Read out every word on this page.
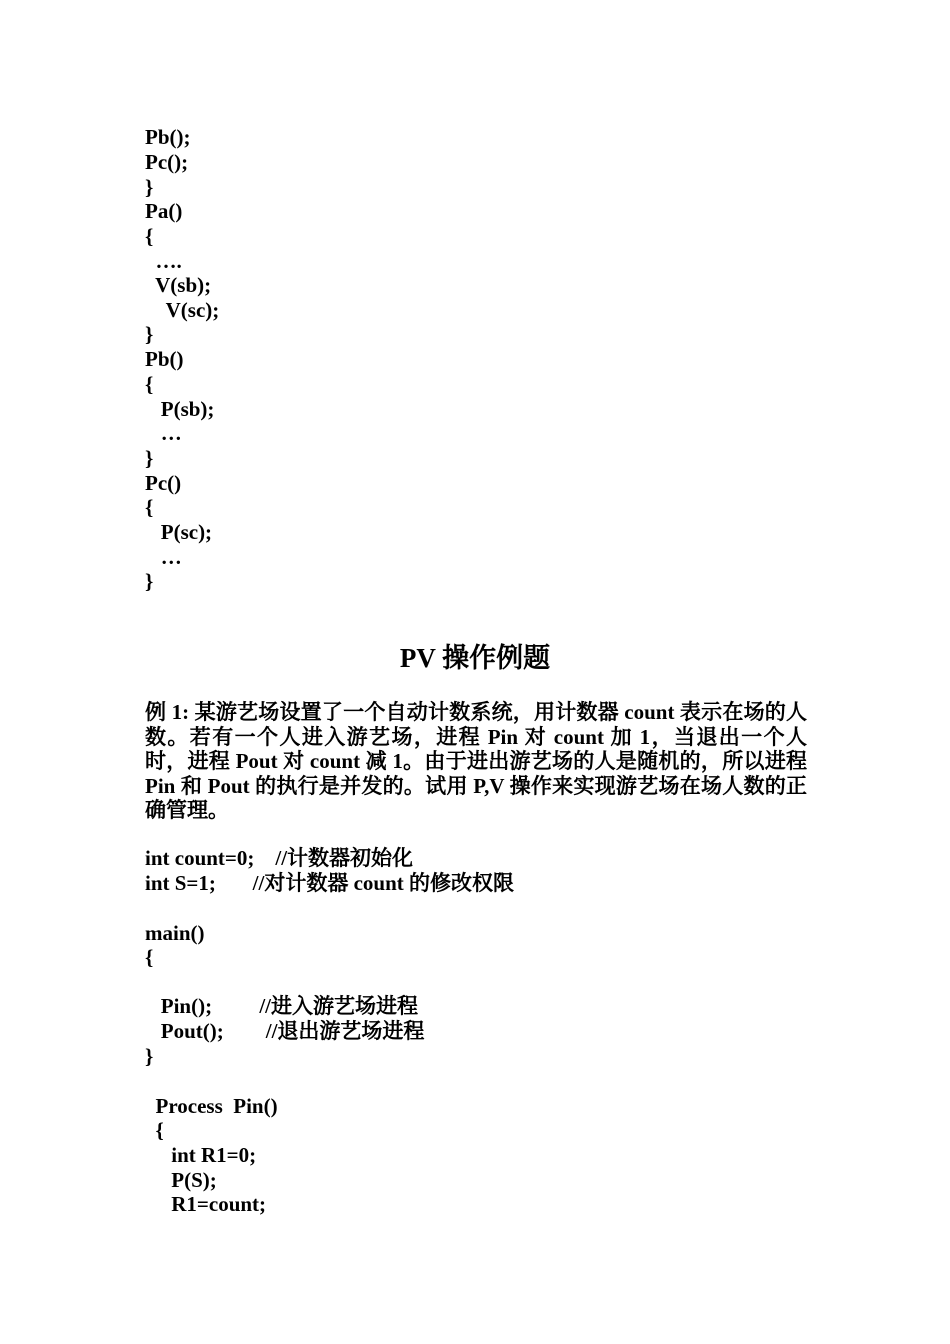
Pb();
Pc();
}
Pa()
{
….
V(sb);
V(sc);
}
Pb()
{
P(sb);
…
}
Pc()
{
P(sc);
…
}
PV 操作例题
例 1: 某游艺场设置了一个自动计数系统，用计数器 count 表示在场的人数。若有一个人进入游艺场，进程 Pin 对 count 加 1，当退出一个人时，进程 Pout 对 count 减 1。由于进出游艺场的人是随机的，所以进程 Pin 和 Pout 的执行是并发的。试用 P,V 操作来实现游艺场在场人数的正确管理。
int count=0;    //计数器初始化
int S=1;       //对计数器 count 的修改权限
main()
{
Pin();         //进入游艺场进程
Pout();        //退出游艺场进程
}
Process  Pin()
{
int R1=0;
P(S);
R1=count;
